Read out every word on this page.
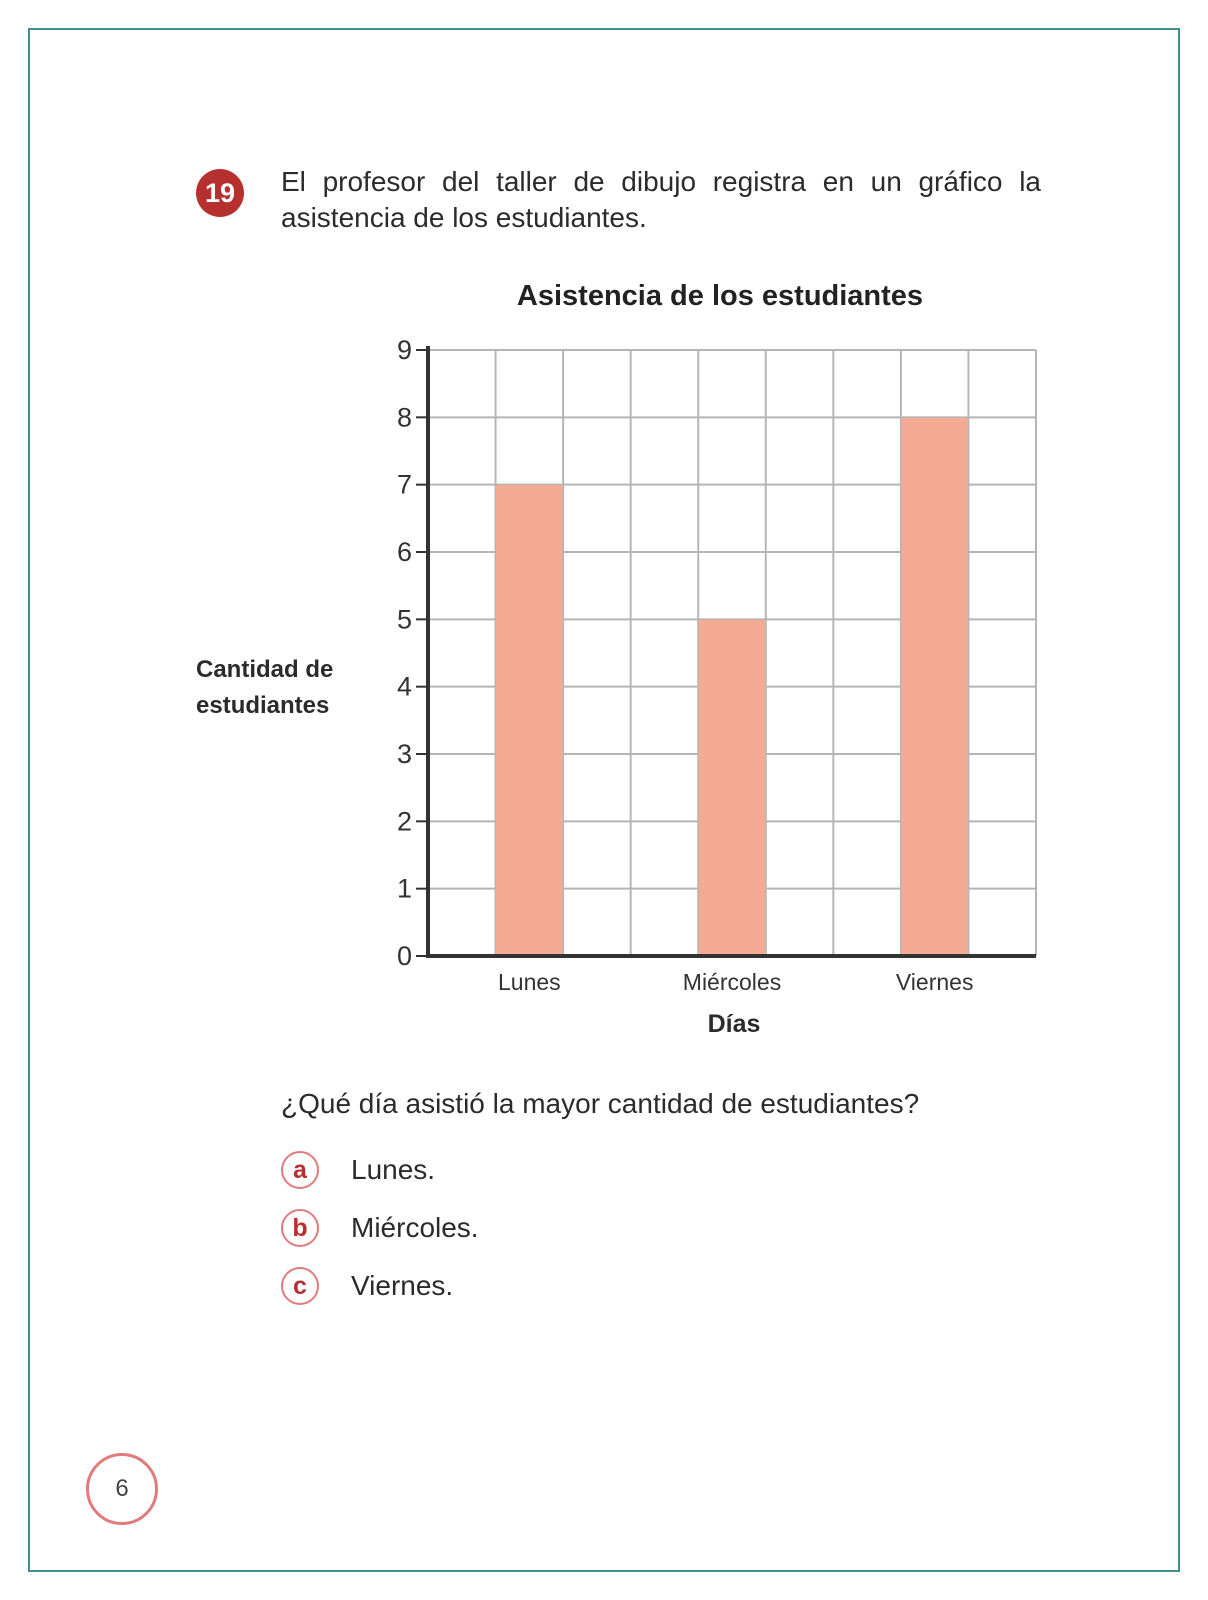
19	El profesor del taller de dibujo registra en un gráfico la asistencia de los estudiantes.
Asistencia de los estudiantes
Cantidad de estudiantes
Lunes	Miércoles	Viernes
0
1
2
3
4
5
6
7
8
9
Días
¿Qué día asistió la mayor cantidad de estudiantes?
a	Lunes.
b	Miércoles.
c	Viernes.
6
